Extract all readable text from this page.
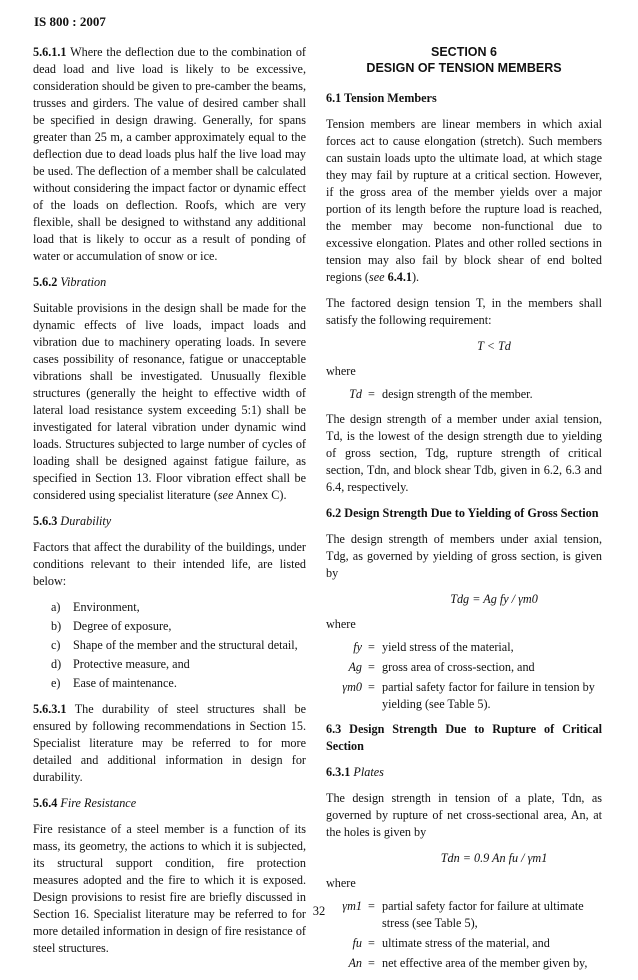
IS 800 : 2007

5.6.1.1 Where the deflection due to the combination of dead load and live load is likely to be excessive, consideration should be given to pre-camber the beams, trusses and girders. The value of desired camber shall be specified in design drawing. Generally, for spans greater than 25 m, a camber approximately equal to the deflection due to dead loads plus half the live load may be used. The deflection of a member shall be calculated without considering the impact factor or dynamic effect of the loads on deflection. Roofs, which are very flexible, shall be designed to withstand any additional load that is likely to occur as a result of ponding of water or accumulation of snow or ice.

5.6.2 Vibration

Suitable provisions in the design shall be made for the dynamic effects of live loads, impact loads and vibration due to machinery operating loads. In severe cases possibility of resonance, fatigue or unacceptable vibrations shall be investigated. Unusually flexible structures (generally the height to effective width of lateral load resistance system exceeding 5:1) shall be investigated for lateral vibration under dynamic wind loads. Structures subjected to large number of cycles of loading shall be designed against fatigue failure, as specified in Section 13. Floor vibration effect shall be considered using specialist literature (see Annex C).

5.6.3 Durability

Factors that affect the durability of the buildings, under conditions relevant to their intended life, are listed below:

a) Environment,
b) Degree of exposure,
c) Shape of the member and the structural detail,
d) Protective measure, and
e) Ease of maintenance.

5.6.3.1 The durability of steel structures shall be ensured by following recommendations in Section 15. Specialist literature may be referred to for more detailed and additional information in design for durability.

5.6.4 Fire Resistance

Fire resistance of a steel member is a function of its mass, its geometry, the actions to which it is subjected, its structural support condition, fire protection measures adopted and the fire to which it is exposed. Design provisions to resist fire are briefly discussed in Section 16. Specialist literature may be referred to for more detailed information in design of fire resistance of steel structures.

SECTION 6
DESIGN OF TENSION MEMBERS
6.1 Tension Members

Tension members are linear members in which axial forces act to cause elongation (stretch). Such members can sustain loads upto the ultimate load, at which stage they may fail by rupture at a critical section. However, if the gross area of the member yields over a major portion of its length before the rupture load is reached, the member may become non-functional due to excessive elongation. Plates and other rolled sections in tension may also fail by block shear of end bolted regions (see 6.4.1).

The factored design tension T, in the members shall satisfy the following requirement:

T < Td
where
Td = design strength of the member.

The design strength of a member under axial tension, Td, is the lowest of the design strength due to yielding of gross section, Tdg, rupture strength of critical section, Tdn, and block shear Tdb, given in 6.2, 6.3 and 6.4, respectively.

6.2 Design Strength Due to Yielding of Gross Section

The design strength of members under axial tension, Tdg, as governed by yielding of gross section, is given by

Tdg = Ag fy / γm0
where
fy = yield stress of the material,
Ag = gross area of cross-section, and
γm0 = partial safety factor for failure in tension by yielding (see Table 5).
6.3 Design Strength Due to Rupture of Critical Section
6.3.1 Plates

The design strength in tension of a plate, Tdn, as governed by rupture of net cross-sectional area, An, at the holes is given by

Tdn = 0.9 An fu / γm1
where
γm1 = partial safety factor for failure at ultimate stress (see Table 5),
fu = ultimate stress of the material, and
An = net effective area of the member given by,
32
